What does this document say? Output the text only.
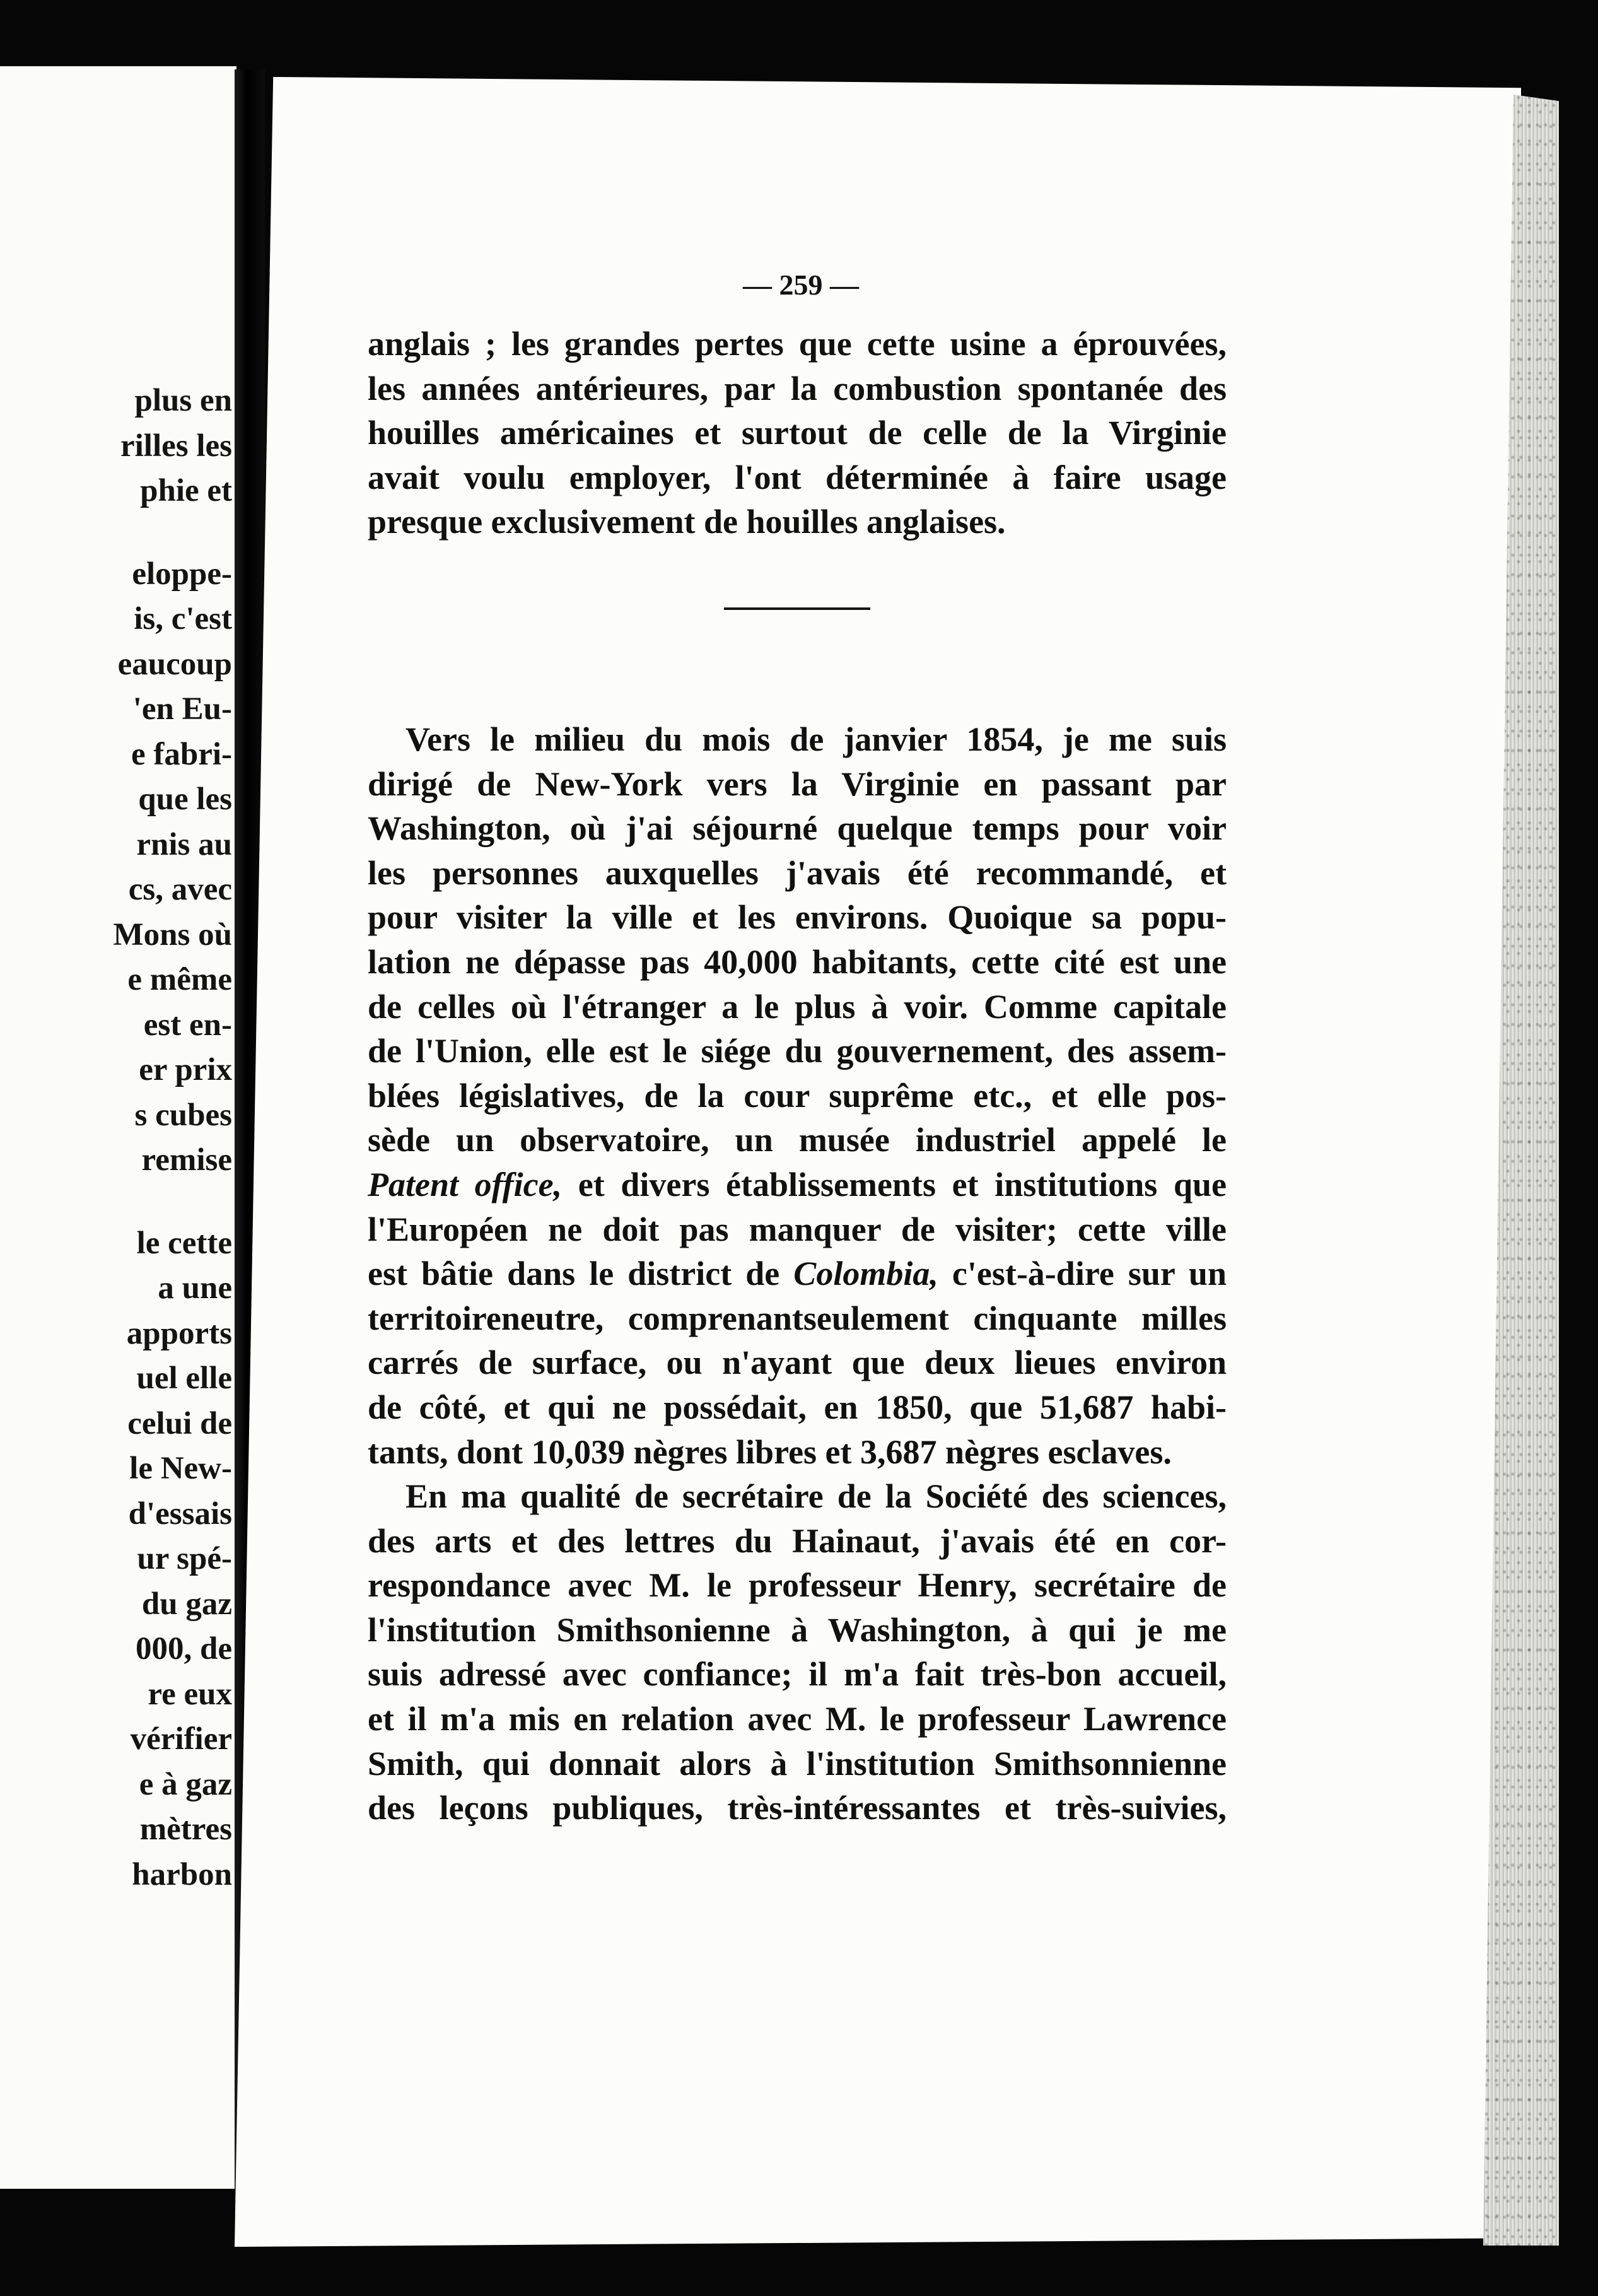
plus en
rilles les
phie et
eloppe-
is, c'est
eaucoup
'en Eu-
e fabri-
que les
rnis au
cs, avec
Mons où
e même
est en-
er prix
s cubes
remise
le cette
a une
apports
uel elle
celui de
le New-
d'essais
ur spé-
du gaz
000, de
re eux
vérifier
e à gaz
mètres
harbon
— 259 —
anglais ; les grandes pertes que cette usine a éprouvées,
les années antérieures, par la combustion spontanée des
houilles américaines et surtout de celle de la Virginie
avait voulu employer, l'ont déterminée à faire usage
presque exclusivement de houilles anglaises.
Vers le milieu du mois de janvier 1854, je me suis
dirigé de New-York vers la Virginie en passant par
Washington, où j'ai séjourné quelque temps pour voir
les personnes auxquelles j'avais été recommandé, et
pour visiter la ville et les environs. Quoique sa popu-
lation ne dépasse pas 40,000 habitants, cette cité est une
de celles où l'étranger a le plus à voir. Comme capitale
de l'Union, elle est le siége du gouvernement, des assem-
blées législatives, de la cour suprême etc., et elle pos-
sède un observatoire, un musée industriel appelé le
Patent office, et divers établissements et institutions que
l'Européen ne doit pas manquer de visiter; cette ville
est bâtie dans le district de Colombia, c'est-à-dire sur un
territoireneutre, comprenantseulement cinquante milles
carrés de surface, ou n'ayant que deux lieues environ
de côté, et qui ne possédait, en 1850, que 51,687 habi-
tants, dont 10,039 nègres libres et 3,687 nègres esclaves.
En ma qualité de secrétaire de la Société des sciences,
des arts et des lettres du Hainaut, j'avais été en cor-
respondance avec M. le professeur Henry, secrétaire de
l'institution Smithsonienne à Washington, à qui je me
suis adressé avec confiance; il m'a fait très-bon accueil,
et il m'a mis en relation avec M. le professeur Lawrence
Smith, qui donnait alors à l'institution Smithsonnienne
des leçons publiques, très-intéressantes et très-suivies,
